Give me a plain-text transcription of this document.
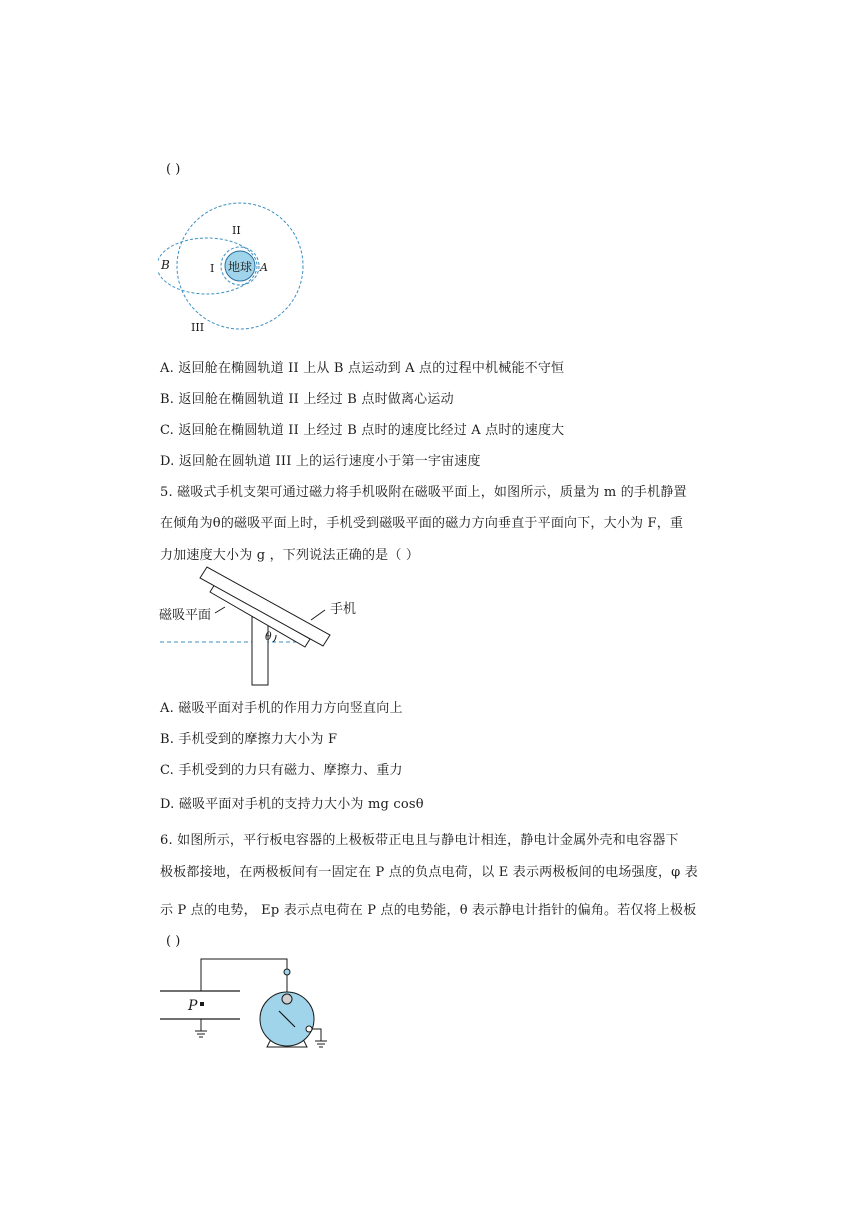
( )
地球
II
I	A
B
III
A. 返回舱在椭圆轨道 II 上从 B 点运动到 A 点的过程中机械能不守恒
B. 返回舱在椭圆轨道 II 上经过 B 点时做离心运动
C. 返回舱在椭圆轨道 II 上经过 B 点时的速度比经过 A 点时的速度大
D. 返回舱在圆轨道 III 上的运行速度小于第一宇宙速度
5. 磁吸式手机支架可通过磁力将手机吸附在磁吸平面上，如图所示，质量为 m 的手机静置
在倾角为θ的磁吸平面上时，手机受到磁吸平面的磁力方向垂直于平面向下，大小为 F，重
力加速度大小为 g ，下列说法正确的是（ ）
θ
磁吸平面	手机
A. 磁吸平面对手机的作用力方向竖直向上
B. 手机受到的摩擦力大小为 F
C. 手机受到的力只有磁力、摩擦力、重力
D. 磁吸平面对手机的支持力大小为 mg cosθ
6. 如图所示，平行板电容器的上极板带正电且与静电计相连，静电计金属外壳和电容器下
极板都接地，在两极板间有一固定在 P 点的负点电荷，以 E 表示两极板间的电场强度，φ 表
示 P 点的电势， Ep 表示点电荷在 P 点的电势能，θ 表示静电计指针的偏角。若仅将上极板
( )
P
